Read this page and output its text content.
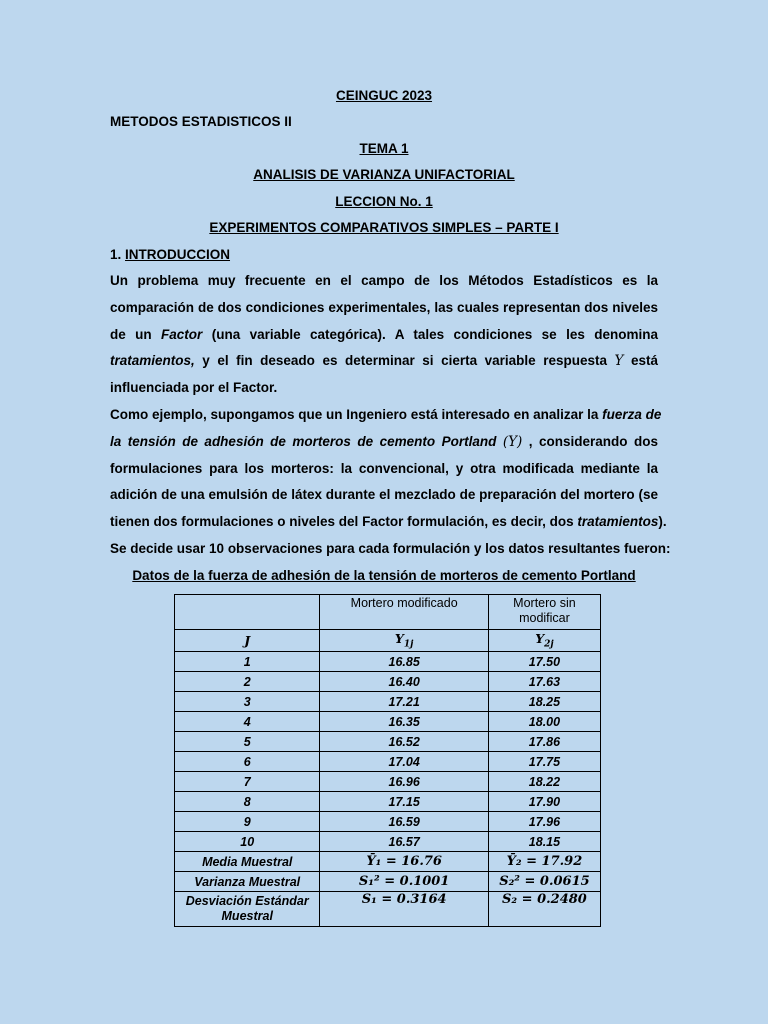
CEINGUC 2023
METODOS ESTADISTICOS II
TEMA 1
ANALISIS DE VARIANZA UNIFACTORIAL
LECCION No. 1
EXPERIMENTOS COMPARATIVOS SIMPLES – PARTE I
1. INTRODUCCION
Un problema muy frecuente en el campo de los Métodos Estadísticos es la
comparación de dos condiciones experimentales, las cuales representan dos niveles
de un Factor (una variable categórica). A tales condiciones se les denomina
tratamientos, y el fin deseado es determinar si cierta variable respuesta Y está
influenciada por el Factor.
Como ejemplo, supongamos que un Ingeniero está interesado en analizar la fuerza de
la tensión de adhesión de morteros de cemento Portland (Y) , considerando dos
formulaciones para los morteros: la convencional, y otra modificada mediante la
adición de una emulsión de látex durante el mezclado de preparación del mortero (se
tienen dos formulaciones o niveles del Factor formulación, es decir, dos tratamientos).
Se decide usar 10 observaciones para cada formulación y los datos resultantes fueron:
Datos de la fuerza de adhesión de la tensión de morteros de cemento Portland
	Mortero modificado	Mortero sin modificar
J	$Y_{1j}$	$Y_{2j}$
1	16.85	17.50
2	16.40	17.63
3	17.21	18.25
4	16.35	18.00
5	16.52	17.86
6	17.04	17.75
7	16.96	18.22
8	17.15	17.90
9	16.59	17.96
10	16.57	18.15
Media Muestral	Ȳ₁ = 16.76	Ȳ₂ = 17.92
Varianza Muestral	S₁² = 0.1001	S₂² = 0.0615
Desviación Estándar Muestral	S₁ = 0.3164	S₂ = 0.2480
